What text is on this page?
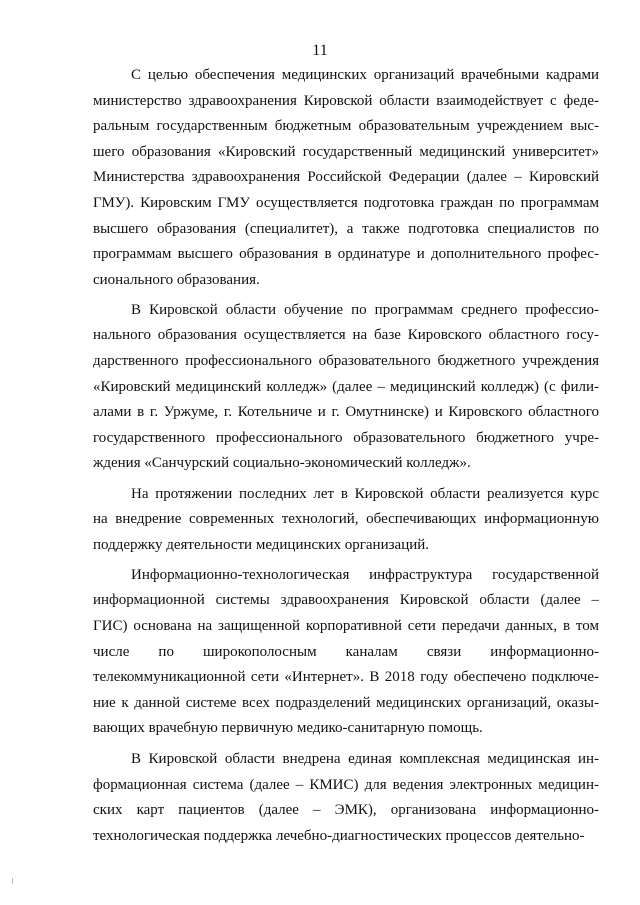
11
С целью обеспечения медицинских организаций врачебными кадрами
министерство здравоохранения Кировской области взаимодействует с феде-
ральным государственным бюджетным образовательным учреждением выс-
шего образования «Кировский государственный медицинский университет»
Министерства здравоохранения Российской Федерации (далее – Кировский
ГМУ). Кировским ГМУ осуществляется подготовка граждан по программам
высшего образования (специалитет), а также подготовка специалистов по
программам высшего образования в ординатуре и дополнительного профес-
сионального образования.
В Кировской области обучение по программам среднего профессио-
нального образования осуществляется на базе Кировского областного госу-
дарственного профессионального образовательного бюджетного учреждения
«Кировский медицинский колледж» (далее – медицинский колледж) (с фили-
алами в г. Уржуме, г. Котельниче и г. Омутнинске) и Кировского областного
государственного профессионального образовательного бюджетного учре-
ждения «Санчурский социально-экономический колледж».
На протяжении последних лет в Кировской области реализуется курс
на внедрение современных технологий, обеспечивающих информационную
поддержку деятельности медицинских организаций.
Информационно-технологическая инфраструктура государственной
информационной системы здравоохранения Кировской области (далее –
ГИС) основана на защищенной корпоративной сети передачи данных, в том
числе по широкополосным каналам связи информационно-
телекоммуникационной сети «Интернет». В 2018 году обеспечено подключе-
ние к данной системе всех подразделений медицинских организаций, оказы-
вающих врачебную первичную медико-санитарную помощь.
В Кировской области внедрена единая комплексная медицинская ин-
формационная система (далее – КМИС) для ведения электронных медицин-
ских карт пациентов (далее – ЭМК), организована информационно-
технологическая поддержка лечебно-диагностических процессов деятельно-
